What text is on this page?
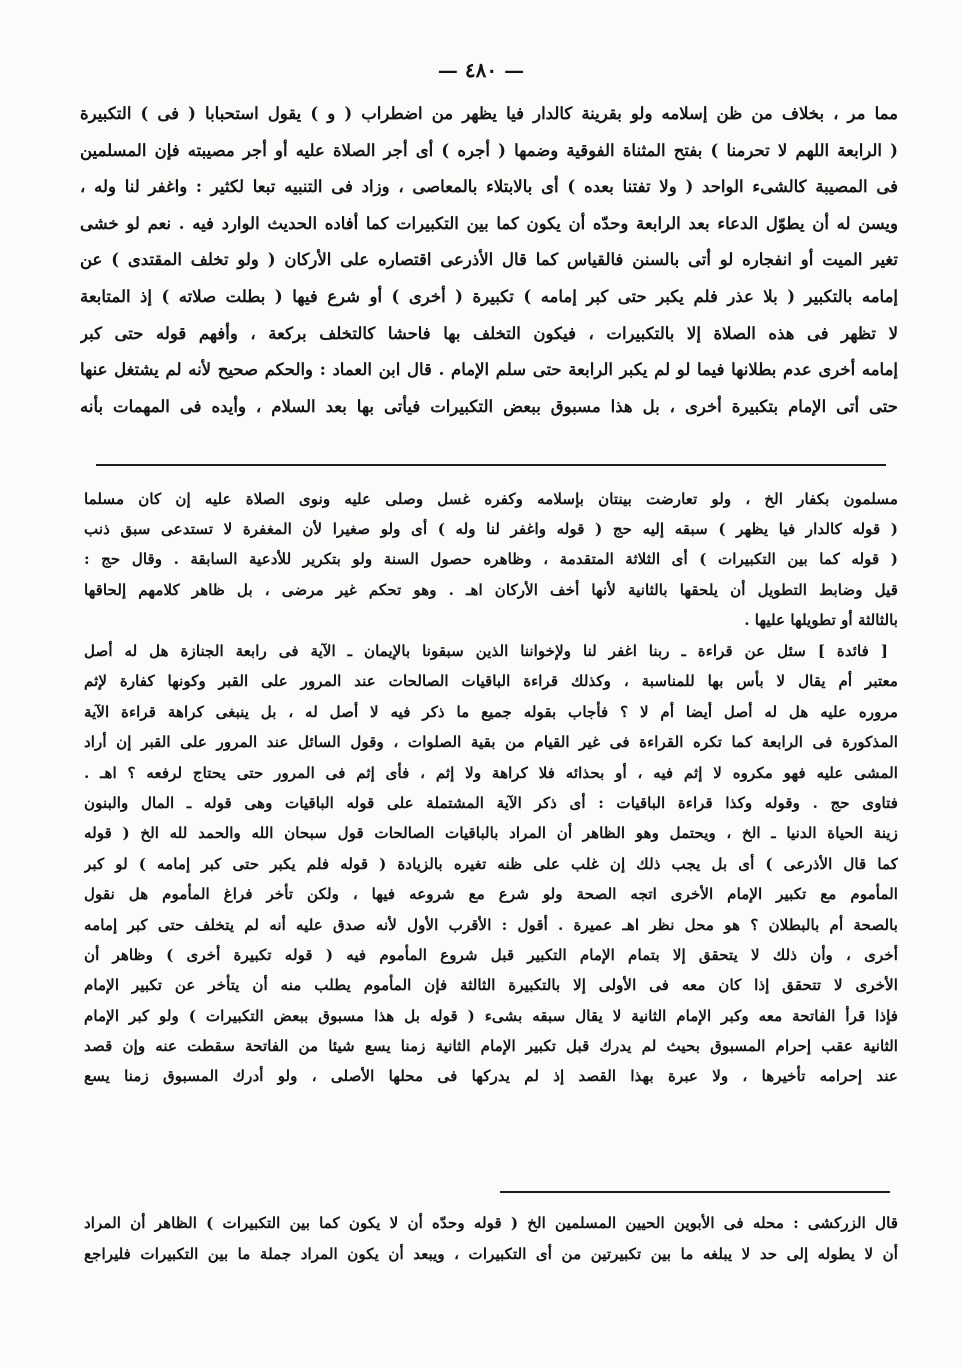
— ٤٨٠ —
مما مر ، بخلاف من ظن إسلامه ولو بقرينة كالدار فيا يظهر من اضطراب ( و ) يقول استحبابا ( فى ) التكبيرة
( الرابعة اللهم لا تحرمنا ) بفتح المثناة الفوقية وضمها ( أجره ) أى أجر الصلاة عليه أو أجر مصيبته فإن المسلمين
فى المصيبة كالشىء الواحد ( ولا تفتنا بعده ) أى بالابتلاء بالمعاصى ، وزاد فى التنبيه تبعا لكثير : واغفر لنا وله ،
ويسن له أن يطوّل الدعاء بعد الرابعة وحدّه أن يكون كما بين التكبيرات كما أفاده الحديث الوارد فيه . نعم لو خشى
تغير الميت أو انفجاره لو أتى بالسنن فالقياس كما قال الأذرعى اقتصاره على الأركان ( ولو تخلف المقتدى ) عن
إمامه بالتكبير ( بلا عذر فلم يكبر حتى كبر إمامه ) تكبيرة ( أخرى ) أو شرع فيها ( بطلت صلاته ) إذ المتابعة
لا تظهر فى هذه الصلاة إلا بالتكبيرات ، فيكون التخلف بها فاحشا كالتخلف بركعة ، وأفهم قوله حتى كبر
إمامه أخرى عدم بطلانها فيما لو لم يكبر الرابعة حتى سلم الإمام . قال ابن العماد : والحكم صحيح لأنه لم يشتغل عنها
حتى أتى الإمام بتكبيرة أخرى ، بل هذا مسبوق ببعض التكبيرات فيأتى بها بعد السلام ، وأيده فى المهمات بأنه
مسلمون بكفار الخ ، ولو تعارضت بينتان بإسلامه وكفره غسل وصلى عليه ونوى الصلاة عليه إن كان مسلما
( قوله كالدار فيا يظهر ) سبقه إليه حج ( قوله واغفر لنا وله ) أى ولو صغيرا لأن المغفرة لا تستدعى سبق ذنب
( قوله كما بين التكبيرات ) أى الثلاثة المتقدمة ، وظاهره حصول السنة ولو بتكرير للأدعية السابقة . وقال حج :
قيل وضابط التطويل أن يلحقها بالثانية لأنها أخف الأركان اهـ . وهو تحكم غير مرضى ، بل ظاهر كلامهم إلحاقها
بالثالثة أو تطويلها عليها .
[ فائدة ] سئل عن قراءة ـ ربنا اغفر لنا ولإخواننا الذين سبقونا بالإيمان ـ الآية فى رابعة الجنازة هل له أصل
معتبر أم يقال لا بأس بها للمناسبة ، وكذلك قراءة الباقيات الصالحات عند المرور على القبر وكونها كفارة لإثم
مروره عليه هل له أصل أيضا أم لا ؟ فأجاب بقوله جميع ما ذكر فيه لا أصل له ، بل ينبغى كراهة قراءة الآية
المذكورة فى الرابعة كما تكره القراءة فى غير القيام من بقية الصلوات ، وقول السائل عند المرور على القبر إن أراد
المشى عليه فهو مكروه لا إثم فيه ، أو بحذائه فلا كراهة ولا إثم ، فأى إثم فى المرور حتى يحتاج لرفعه ؟ اهـ .
فتاوى حج . وقوله وكذا قراءة الباقيات : أى ذكر الآية المشتملة على قوله الباقيات وهى قوله ـ المال والبنون
زينة الحياة الدنيا ـ الخ ، ويحتمل وهو الظاهر أن المراد بالباقيات الصالحات قول سبحان الله والحمد لله الخ ( قوله
كما قال الأذرعى ) أى بل يجب ذلك إن غلب على ظنه تغيره بالزيادة ( قوله فلم يكبر حتى كبر إمامه ) لو كبر
المأموم مع تكبير الإمام الأخرى اتجه الصحة ولو شرع مع شروعه فيها ، ولكن تأخر فراغ المأموم هل نقول
بالصحة أم بالبطلان ؟ هو محل نظر اهـ عميرة . أقول : الأقرب الأول لأنه صدق عليه أنه لم يتخلف حتى كبر إمامه
أخرى ، وأن ذلك لا يتحقق إلا بتمام الإمام التكبير قبل شروع المأموم فيه ( قوله تكبيرة أخرى ) وظاهر أن
الأخرى لا تتحقق إذا كان معه فى الأولى إلا بالتكبيرة الثالثة فإن المأموم يطلب منه أن يتأخر عن تكبير الإمام
فإذا قرأ الفاتحة معه وكبر الإمام الثانية لا يقال سبقه بشىء ( قوله بل هذا مسبوق ببعض التكبيرات ) ولو كبر الإمام
الثانية عقب إحرام المسبوق بحيث لم يدرك قبل تكبير الإمام الثانية زمنا يسع شيئا من الفاتحة سقطت عنه وإن قصد
عند إحرامه تأخيرها ، ولا عبرة بهذا القصد إذ لم يدركها فى محلها الأصلى ، ولو أدرك المسبوق زمنا يسع
قال الزركشى : محله فى الأبوين الحيين المسلمين الخ ( قوله وحدّه أن لا يكون كما بين التكبيرات ) الظاهر أن المراد
أن لا يطوله إلى حد لا يبلغه ما بين تكبيرتين من أى التكبيرات ، ويبعد أن يكون المراد جملة ما بين التكبيرات فليراجع
